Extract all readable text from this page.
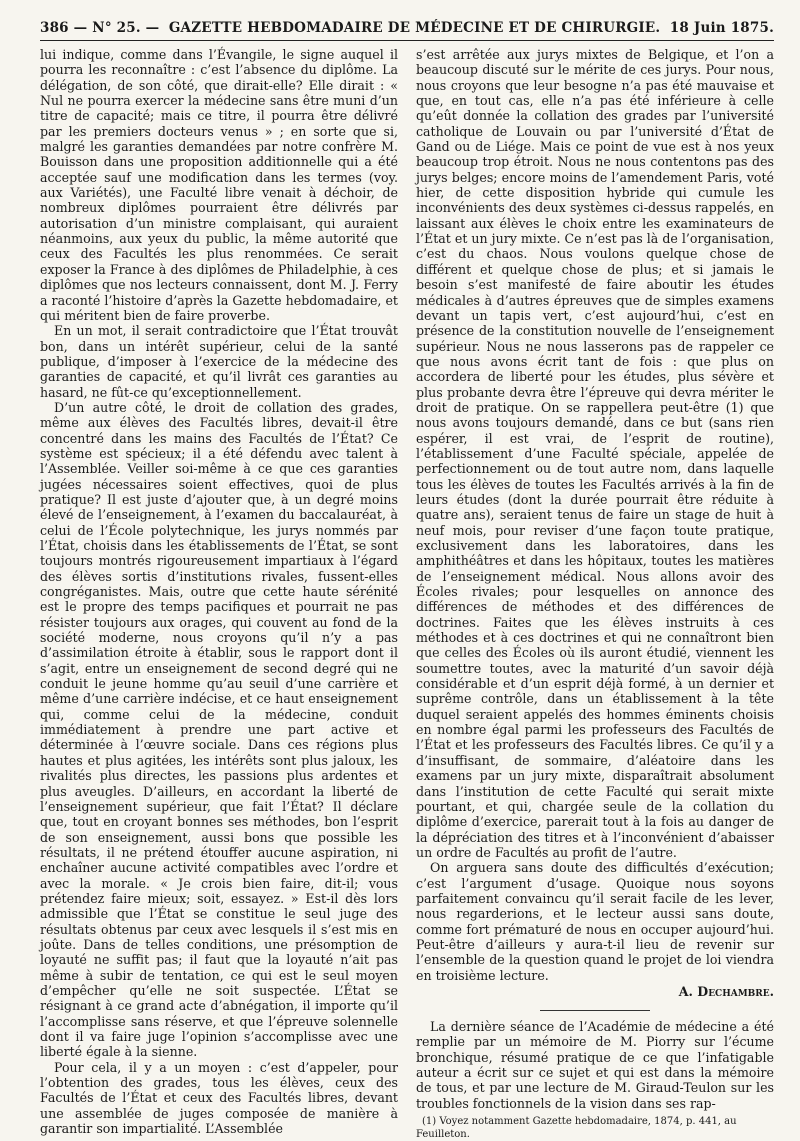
386 — N° 25. — GAZETTE HEBDOMADAIRE DE MÉDECINE ET DE CHIRURGIE. 18 Juin 1875.

lui indique, comme dans l’Évangile, le signe auquel il pourra les reconnaître : c’est l’absence du diplôme. La délégation, de son côté, que dirait-elle? Elle dirait : « Nul ne pourra exercer la médecine sans être muni d’un titre de capacité; mais ce titre, il pourra être délivré par les premiers docteurs venus » ; en sorte que si, malgré les garanties demandées par notre confrère M. Bouisson dans une proposition additionnelle qui a été acceptée sauf une modification dans les termes (voy. aux Variétés), une Faculté libre venait à déchoir, de nombreux diplômes pourraient être délivrés par autorisation d’un ministre complaisant, qui auraient néanmoins, aux yeux du public, la même autorité que ceux des Facultés les plus renommées. Ce serait exposer la France à des diplômes de Philadelphie, à ces diplômes que nos lecteurs connaissent, dont M. J. Ferry a raconté l’histoire d’après la Gazette hebdomadaire, et qui méritent bien de faire proverbe.

En un mot, il serait contradictoire que l’État trouvât bon, dans un intérêt supérieur, celui de la santé publique, d’imposer à l’exercice de la médecine des garanties de capacité, et qu’il livrât ces garanties au hasard, ne fût-ce qu’exceptionnellement.

D’un autre côté, le droit de collation des grades, même aux élèves des Facultés libres, devait-il être concentré dans les mains des Facultés de l’État? Ce système est spécieux; il a été défendu avec talent à l’Assemblée. Veiller soi-même à ce que ces garanties jugées nécessaires soient effectives, quoi de plus pratique? Il est juste d’ajouter que, à un degré moins élevé de l’enseignement, à l’examen du baccalauréat, à celui de l’École polytechnique, les jurys nommés par l’État, choisis dans les établissements de l’État, se sont toujours montrés rigoureusement impartiaux à l’égard des élèves sortis d’institutions rivales, fussent-elles congréganistes. Mais, outre que cette haute sérénité est le propre des temps pacifiques et pourrait ne pas résister toujours aux orages, qui couvent au fond de la société moderne, nous croyons qu’il n’y a pas d’assimilation étroite à établir, sous le rapport dont il s’agit, entre un enseignement de second degré qui ne conduit le jeune homme qu’au seuil d’une carrière et même d’une carrière indécise, et ce haut enseignement qui, comme celui de la médecine, conduit immédiatement à prendre une part active et déterminée à l’œuvre sociale. Dans ces régions plus hautes et plus agitées, les intérêts sont plus jaloux, les rivalités plus directes, les passions plus ardentes et plus aveugles. D’ailleurs, en accordant la liberté de l’enseignement supérieur, que fait l’État? Il déclare que, tout en croyant bonnes ses méthodes, bon l’esprit de son enseignement, aussi bons que possible les résultats, il ne prétend étouffer aucune aspiration, ni enchaîner aucune activité compatibles avec l’ordre et avec la morale. « Je crois bien faire, dit-il; vous prétendez faire mieux; soit, essayez. » Est-il dès lors admissible que l’État se constitue le seul juge des résultats obtenus par ceux avec lesquels il s’est mis en joûte. Dans de telles conditions, une présomption de loyauté ne suffit pas; il faut que la loyauté n’ait pas même à subir de tentation, ce qui est le seul moyen d’empêcher qu’elle ne soit suspectée. L’État se résignant à ce grand acte d’abnégation, il importe qu’il l’accomplisse sans réserve, et que l’épreuve solennelle dont il va faire juge l’opinion s’accomplisse avec une liberté égale à la sienne.

Pour cela, il y a un moyen : c’est d’appeler, pour l’obtention des grades, tous les élèves, ceux des Facultés de l’État et ceux des Facultés libres, devant une assemblée de juges composée de manière à garantir son impartialité. L’Assemblée

s’est arrêtée aux jurys mixtes de Belgique, et l’on a beaucoup discuté sur le mérite de ces jurys. Pour nous, nous croyons que leur besogne n’a pas été mauvaise et que, en tout cas, elle n’a pas été inférieure à celle qu’eût donnée la collation des grades par l’université catholique de Louvain ou par l’université d’État de Gand ou de Liége. Mais ce point de vue est à nos yeux beaucoup trop étroit. Nous ne nous contentons pas des jurys belges; encore moins de l’amendement Paris, voté hier, de cette disposition hybride qui cumule les inconvénients des deux systèmes ci-dessus rappelés, en laissant aux élèves le choix entre les examinateurs de l’État et un jury mixte. Ce n’est pas là de l’organisation, c’est du chaos. Nous voulons quelque chose de différent et quelque chose de plus; et si jamais le besoin s’est manifesté de faire aboutir les études médicales à d’autres épreuves que de simples examens devant un tapis vert, c’est aujourd’hui, c’est en présence de la constitution nouvelle de l’enseignement supérieur. Nous ne nous lasserons pas de rappeler ce que nous avons écrit tant de fois : que plus on accordera de liberté pour les études, plus sévère et plus probante devra être l’épreuve qui devra mériter le droit de pratique. On se rappellera peut-être (1) que nous avons toujours demandé, dans ce but (sans rien espérer, il est vrai, de l’esprit de routine), l’établissement d’une Faculté spéciale, appelée de perfectionnement ou de tout autre nom, dans laquelle tous les élèves de toutes les Facultés arrivés à la fin de leurs études (dont la durée pourrait être réduite à quatre ans), seraient tenus de faire un stage de huit à neuf mois, pour reviser d’une façon toute pratique, exclusivement dans les laboratoires, dans les amphithéâtres et dans les hôpitaux, toutes les matières de l’enseignement médical. Nous allons avoir des Écoles rivales; pour lesquelles on annonce des différences de méthodes et des différences de doctrines. Faites que les élèves instruits à ces méthodes et à ces doctrines et qui ne connaîtront bien que celles des Écoles où ils auront étudié, viennent les soumettre toutes, avec la maturité d’un savoir déjà considérable et d’un esprit déjà formé, à un dernier et suprême contrôle, dans un établissement à la tête duquel seraient appelés des hommes éminents choisis en nombre égal parmi les professeurs des Facultés de l’État et les professeurs des Facultés libres. Ce qu’il y a d’insuffisant, de sommaire, d’aléatoire dans les examens par un jury mixte, disparaîtrait absolument dans l’institution de cette Faculté qui serait mixte pourtant, et qui, chargée seule de la collation du diplôme d’exercice, parerait tout à la fois au danger de la dépréciation des titres et à l’inconvénient d’abaisser un ordre de Facultés au profit de l’autre.

On arguera sans doute des difficultés d’exécution; c’est l’argument d’usage. Quoique nous soyons parfaitement convaincu qu’il serait facile de les lever, nous regarderions, et le lecteur aussi sans doute, comme fort prématuré de nous en occuper aujourd’hui. Peut-être d’ailleurs y aura-t-il lieu de revenir sur l’ensemble de la question quand le projet de loi viendra en troisième lecture.

A. Dechambre.

La dernière séance de l’Académie de médecine a été remplie par un mémoire de M. Piorry sur l’écume bronchique, résumé pratique de ce que l’infatigable auteur a écrit sur ce sujet et qui est dans la mémoire de tous, et par une lecture de M. Giraud-Teulon sur les troubles fonctionnels de la vision dans ses rap-

(1) Voyez notamment Gazette hebdomadaire, 1874, p. 441, au Feuilleton.
